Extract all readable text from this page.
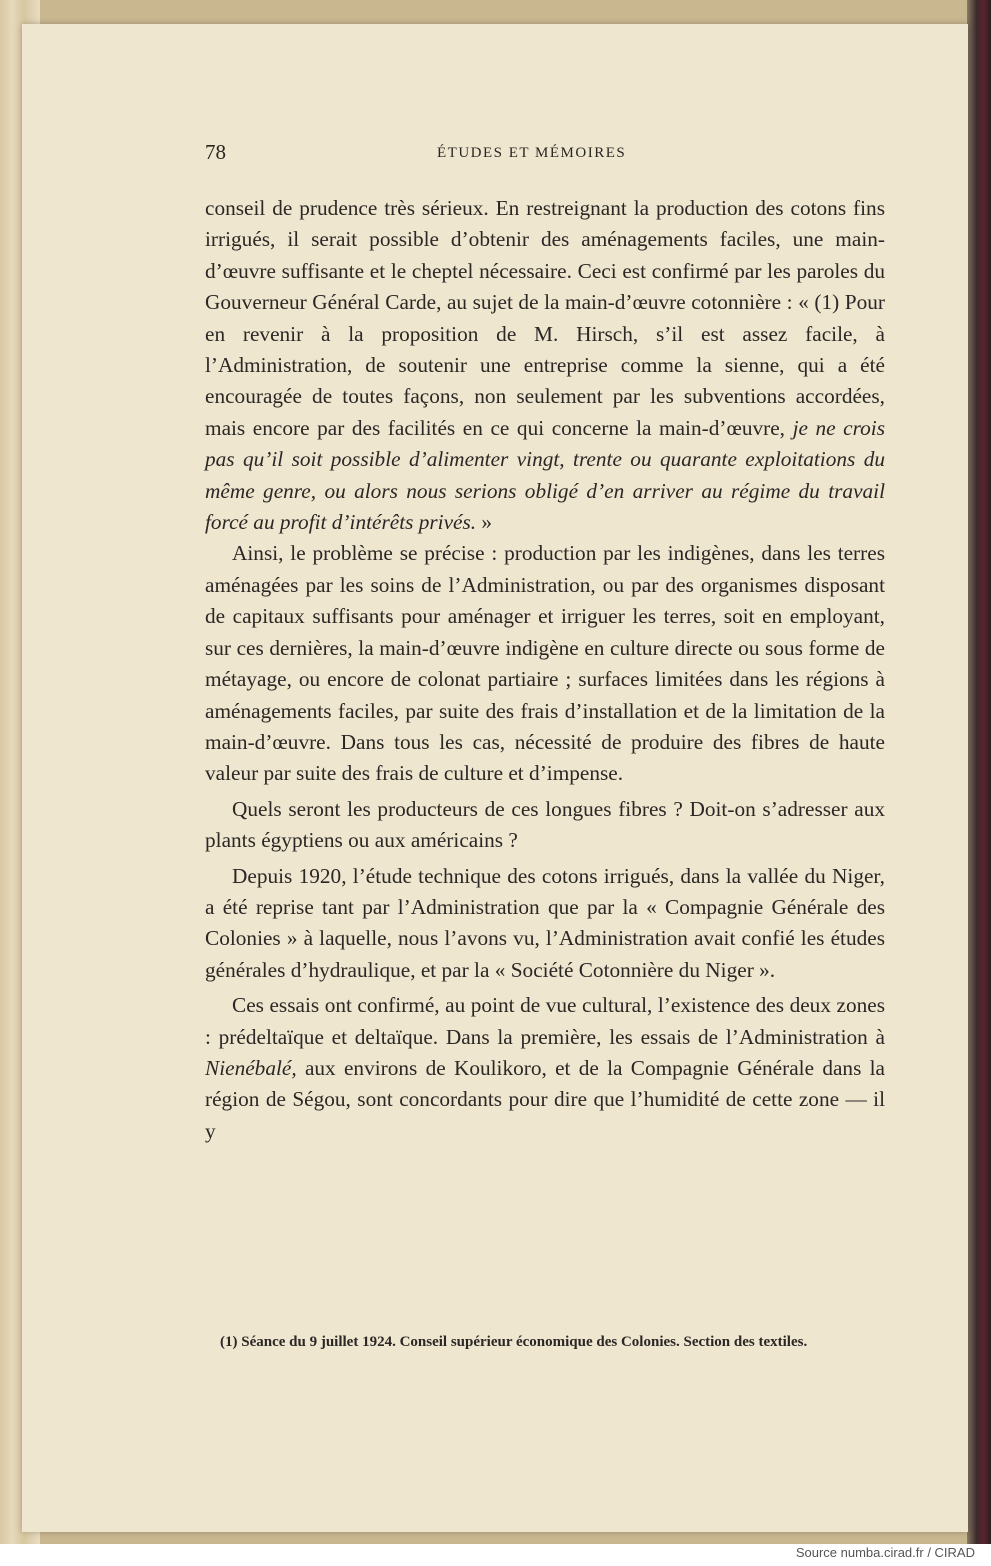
78	ÉTUDES ET MÉMOIRES

conseil de prudence très sérieux. En restreignant la production des cotons fins irrigués, il serait possible d’obtenir des aménagements faciles, une main-d’œuvre suffisante et le cheptel nécessaire. Ceci est confirmé par les paroles du Gouverneur Général Carde, au sujet de la main-d’œuvre cotonnière : « (1) Pour en revenir à la proposition de M. Hirsch, s’il est assez facile, à l’Administration, de soutenir une entreprise comme la sienne, qui a été encouragée de toutes façons, non seulement par les subventions accordées, mais encore par des facilités en ce qui concerne la main-d’œuvre, je ne crois pas qu’il soit possible d’alimenter vingt, trente ou quarante exploitations du même genre, ou alors nous serions obligé d’en arriver au régime du travail forcé au profit d’intérêts privés. »

Ainsi, le problème se précise : production par les indigènes, dans les terres aménagées par les soins de l’Administration, ou par des organismes disposant de capitaux suffisants pour aménager et irriguer les terres, soit en employant, sur ces dernières, la main-d’œuvre indigène en culture directe ou sous forme de métayage, ou encore de colonat partiaire ; surfaces limitées dans les régions à aménagements faciles, par suite des frais d’installation et de la limitation de la main-d’œuvre. Dans tous les cas, nécessité de produire des fibres de haute valeur par suite des frais de culture et d’impense.

Quels seront les producteurs de ces longues fibres ? Doit-on s’adresser aux plants égyptiens ou aux américains ?

Depuis 1920, l’étude technique des cotons irrigués, dans la vallée du Niger, a été reprise tant par l’Administration que par la « Compagnie Générale des Colonies » à laquelle, nous l’avons vu, l’Administration avait confié les études générales d’hydraulique, et par la « Société Cotonnière du Niger ».

Ces essais ont confirmé, au point de vue cultural, l’existence des deux zones : prédeltaïque et deltaïque. Dans la première, les essais de l’Administration à Nienébalé, aux environs de Koulikoro, et de la Compagnie Générale dans la région de Ségou, sont concordants pour dire que l’humidité de cette zone — il y

(1) Séance du 9 juillet 1924. Conseil supérieur économique des Colonies. Section des textiles.
Source numba.cirad.fr / CIRAD
